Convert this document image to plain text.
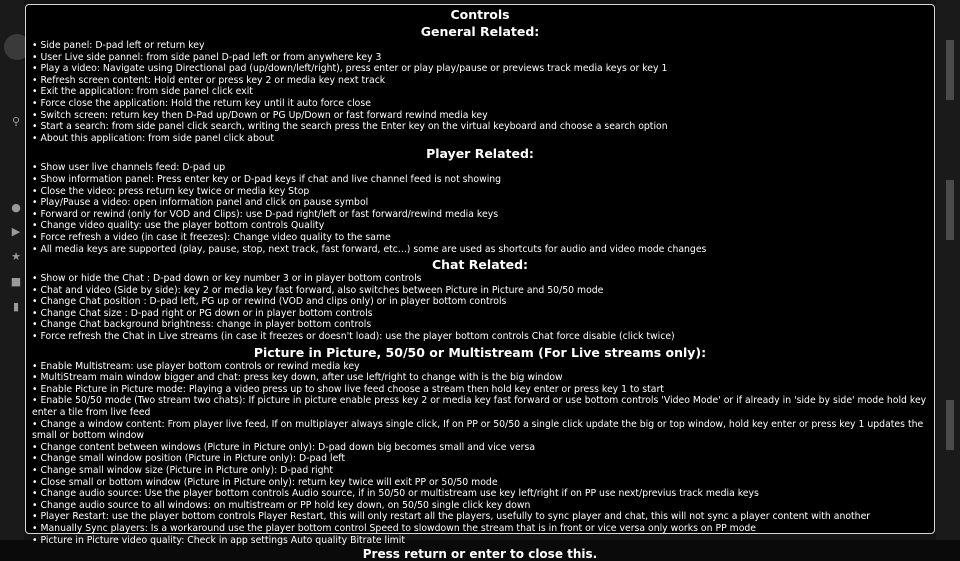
⚲
●
▶
★
■
▮
Controls
General Related:
• Side panel: D-pad left or return key
• User Live side pannel: from side panel D-pad left or from anywhere key 3
• Play a video: Navigate using Directional pad (up/down/left/right), press enter or play play/pause or previews track media keys or key 1
• Refresh screen content: Hold enter or press key 2 or media key next track
• Exit the application: from side panel click exit
• Force close the application: Hold the return key until it auto force close
• Switch screen: return key then D-Pad up/Down or PG Up/Down or fast forward rewind media key
• Start a search: from side panel click search, writing the search press the Enter key on the virtual keyboard and choose a search option
• About this application: from side panel click about
Player Related:
• Show user live channels feed: D-pad up
• Show information panel: Press enter key or D-pad keys if chat and live channel feed is not showing
• Close the video: press return key twice or media key Stop
• Play/Pause a video: open information panel and click on pause symbol
• Forward or rewind (only for VOD and Clips): use D-pad right/left or fast forward/rewind media keys
• Change video quality: use the player bottom controls Quality
• Force refresh a video (in case it freezes): Change video quality to the same
• All media keys are supported (play, pause, stop, next track, fast forward, etc...) some are used as shortcuts for audio and video mode changes
Chat Related:
• Show or hide the Chat : D-pad down or key number 3 or in player bottom controls
• Chat and video (Side by side): key 2 or media key fast forward, also switches between Picture in Picture and 50/50 mode
• Change Chat position : D-pad left, PG up or rewind (VOD and clips only) or in player bottom controls
• Change Chat size : D-pad right or PG down or in player bottom controls
• Change Chat background brightness: change in player bottom controls
• Force refresh the Chat in Live streams (in case it freezes or doesn't load): use the player bottom controls Chat force disable (click twice)
Picture in Picture, 50/50 or Multistream (For Live streams only):
• Enable Multistream: use player bottom controls or rewind media key
• MultiStream main window bigger and chat: press key down, after use left/right to change with is the big window
• Enable Picture in Picture mode: Playing a video press up to show live feed choose a stream then hold key enter or press key 1 to start
• Enable 50/50 mode (Two stream two chats): If picture in picture enable press key 2 or media key fast forward or use bottom controls 'Video Mode' or if already in 'side by side' mode hold key enter a tile from live feed
• Change a window content: From player live feed, If on multiplayer always single click, If on PP or 50/50 a single click update the big or top window, hold key enter or press key 1 updates the small or bottom window
• Change content between windows (Picture in Picture only): D-pad down big becomes small and vice versa
• Change small window position (Picture in Picture only): D-pad left
• Change small window size (Picture in Picture only): D-pad right
• Close small or bottom window (Picture in Picture only): return key twice will exit PP or 50/50 mode
• Change audio source: Use the player bottom controls Audio source, if in 50/50 or multistream use key left/right if on PP use next/previus track media keys
• Change audio source to all windows: on multistream or PP hold key down, on 50/50 single click key down
• Player Restart: use the player bottom controls Player Restart, this will only restart all the players, usefully to sync player and chat, this will not sync a player content with another
• Manually Sync players: Is a workaround use the player bottom control Speed to slowdown the stream that is in front or vice versa only works on PP mode
• Picture in Picture video quality: Check in app settings Auto quality Bitrate limit
Press return or enter to close this.
